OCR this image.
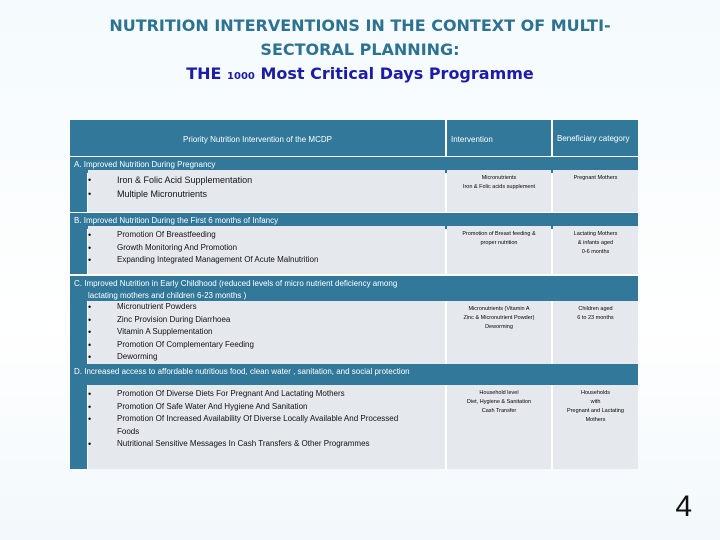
NUTRITION INTERVENTIONS IN THE CONTEXT OF MULTI-
SECTORAL PLANNING:
THE 1000 Most Critical Days Programme
Priority Nutrition Intervention of the MCDP	Intervention	Beneficiary category
A. Improved Nutrition During Pregnancy
• Iron & Folic Acid Supplementation
• Multiple Micronutrients
Micronutrients
Iron & Folic acids supplement
Pregnant Mothers
B. Improved Nutrition During the First 6 months of Infancy
• Promotion Of Breastfeeding
• Growth Monitoring And Promotion
• Expanding Integrated Management Of Acute Malnutrition
Promotion of Breast feeding &
proper nutrition
Lactating Mothers
& infants aged
0-6 months
C. Improved Nutrition in Early Childhood (reduced levels of micro nutrient deficiency among
lactating mothers and children 6-23 months )
• Micronutrient Powders
• Zinc Provision During Diarrhoea
• Vitamin A Supplementation
• Promotion Of Complementary Feeding
• Deworming
Micronutrients (Vitamin A
Zinc & Micronutrient Powder)
Deworming
Children aged
6 to 23 months
D. Increased access to affordable nutritious food, clean water , sanitation, and social protection
• Promotion Of Diverse Diets For Pregnant And Lactating Mothers
• Promotion Of Safe Water And Hygiene And Sanitation
• Promotion Of Increased Availability Of Diverse Locally Available And Processed Foods
• Nutritional Sensitive Messages In Cash Transfers & Other Programmes
Household level
Diet, Hygiene & Sanitation
Cash Transfer
Households
with
Pregnant and Lactating
Mothers
4
